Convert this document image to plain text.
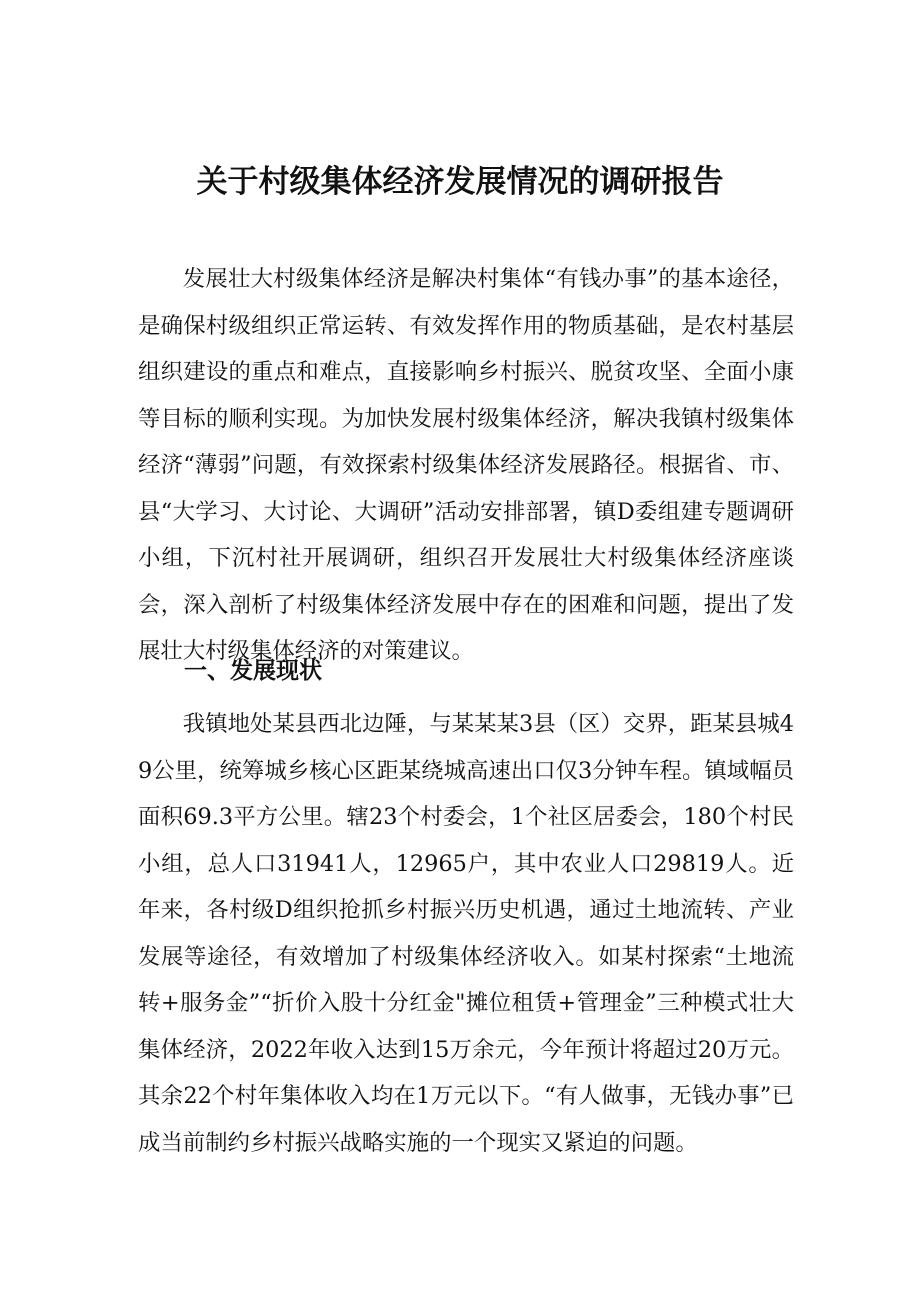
关于村级集体经济发展情况的调研报告

发展壮大村级集体经济是解决村集体“有钱办事”的基本途径，是确保村级组织正常运转、有效发挥作用的物质基础，是农村基层组织建设的重点和难点，直接影响乡村振兴、脱贫攻坚、全面小康等目标的顺利实现。为加快发展村级集体经济，解决我镇村级集体经济“薄弱”问题，有效探索村级集体经济发展路径。根据省、市、县“大学习、大讨论、大调研”活动安排部署，镇D委组建专题调研小组，下沉村社开展调研，组织召开发展壮大村级集体经济座谈会，深入剖析了村级集体经济发展中存在的困难和问题，提出了发展壮大村级集体经济的对策建议。

一、发展现状

我镇地处某县西北边陲，与某某某3县（区）交界，距某县城49公里，统筹城乡核心区距某绕城高速出口仅3分钟车程。镇域幅员面积69.3平方公里。辖23个村委会，1个社区居委会，180个村民小组，总人口31941人，12965户，其中农业人口29819人。近年来，各村级D组织抢抓乡村振兴历史机遇，通过土地流转、产业发展等途径，有效增加了村级集体经济收入。如某村探索“土地流转+服务金”“折价入股十分红金"摊位租赁+管理金”三种模式壮大集体经济，2022年收入达到15万余元，今年预计将超过20万元。其余22个村年集体收入均在1万元以下。“有人做事，无钱办事”已成当前制约乡村振兴战略实施的一个现实又紧迫的问题。
